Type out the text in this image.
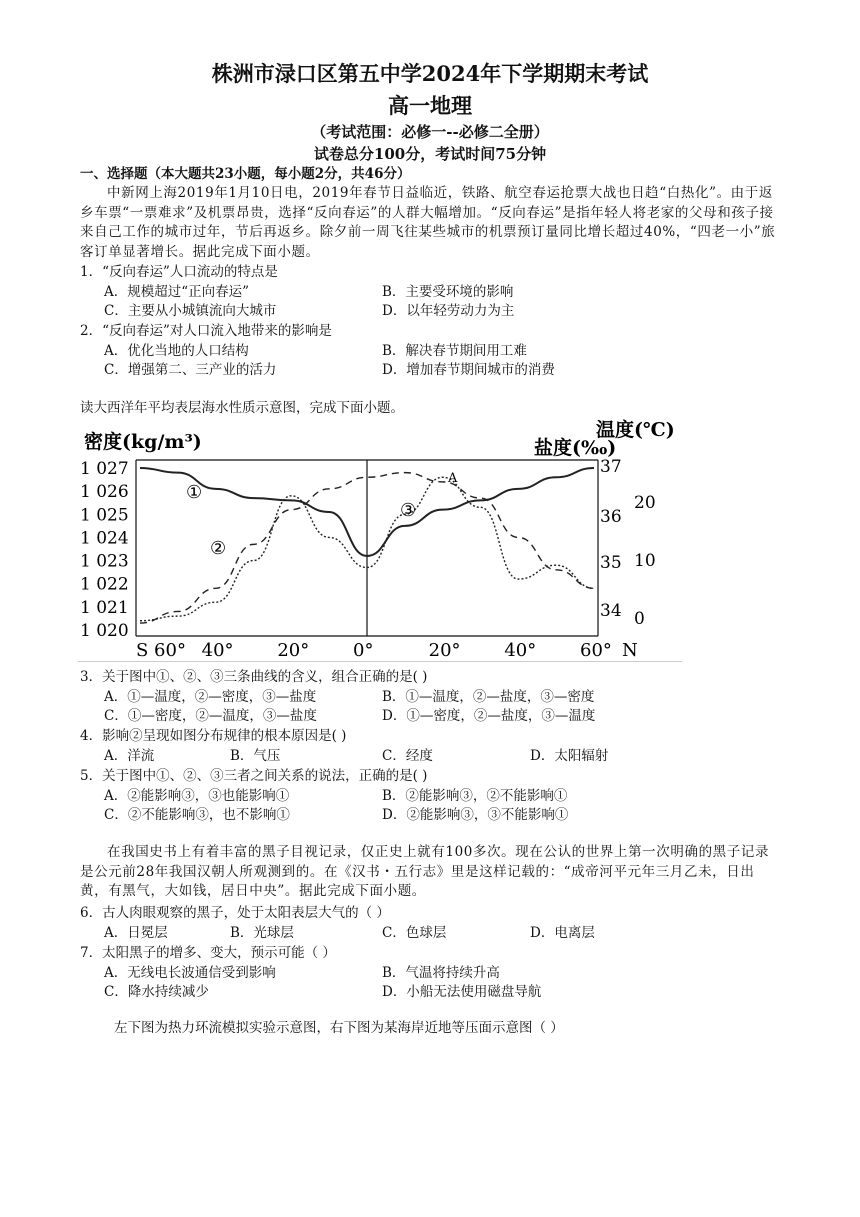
株洲市渌口区第五中学2024年下学期期末考试
高一地理
（考试范围：必修一--必修二全册）
试卷总分100分，考试时间75分钟
一、选择题（本大题共23小题，每小题2分，共46分）
中新网上海2019年1月10日电，2019年春节日益临近，铁路、航空春运抢票大战也日趋“白热化”。由于返乡车票“一票难求”及机票昂贵，选择“反向春运”的人群大幅增加。“反向春运”是指年轻人将老家的父母和孩子接来自己工作的城市过年，节后再返乡。除夕前一周飞往某些城市的机票预订量同比增长超过40%，“四老一小”旅客订单显著增长。据此完成下面小题。
1．“反向春运”人口流动的特点是
A．规模超过“正向春运”	B．主要受环境的影响
C．主要从小城镇流向大城市	D．以年轻劳动力为主
2．“反向春运”对人口流入地带来的影响是
A．优化当地的人口结构	B．解决春节期间用工难
C．增强第二、三产业的活力	D．增加春节期间城市的消费
读大西洋年平均表层海水性质示意图，完成下面小题。
密度(kg/m³)	盐度(‰)
温度(℃)
1 027
1 026
1 025
1 024
1 023
1 022
1 021
1 020
37
36
35
34
20
10
0
S 60° 40° 20° 0°	20° 40° 60° N
①
②
③
A
3．关于图中①、②、③三条曲线的含义，组合正确的是( )
A．①—温度，②—密度，③—盐度	B．①—温度，②—盐度，③—密度
C．①—密度，②—温度，③—盐度	D．①—密度，②—盐度，③—温度
4．影响②呈现如图分布规律的根本原因是( )
A．洋流	B．气压	C．经度	D．太阳辐射
5．关于图中①、②、③三者之间关系的说法，正确的是( )
A．②能影响③，③也能影响①	B．②能影响③，②不能影响①
C．②不能影响③，也不影响①	D．②能影响③，③不能影响①
在我国史书上有着丰富的黑子目视记录，仅正史上就有100多次。现在公认的世界上第一次明确的黑子记录是公元前28年我国汉朝人所观测到的。在《汉书・五行志》里是这样记载的：“成帝河平元年三月乙未，日出黄，有黑气，大如钱，居日中央”。据此完成下面小题。
6．古人肉眼观察的黑子，处于太阳表层大气的（ ）
A．日冕层	B．光球层	C．色球层	D．电离层
7．太阳黑子的增多、变大，预示可能（ ）
A．无线电长波通信受到影响	B．气温将持续升高
C．降水持续减少	D．小船无法使用磁盘导航
左下图为热力环流模拟实验示意图，右下图为某海岸近地等压面示意图（ ）
